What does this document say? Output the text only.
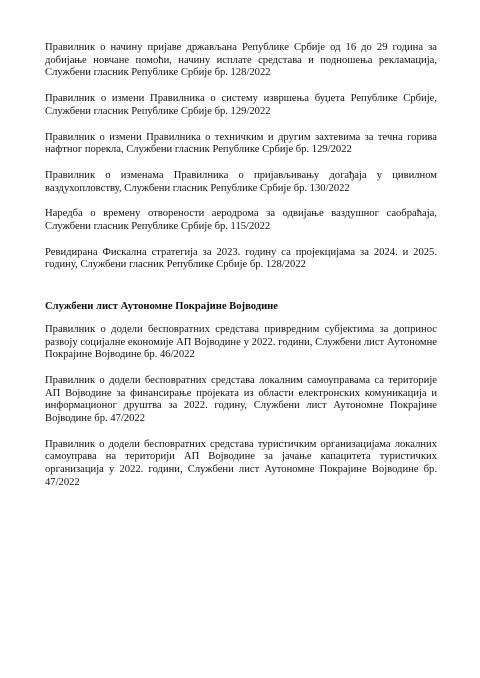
Правилник о начину пријаве држављана Републике Србије од 16 до 29 година за добијање новчане помоћи, начину исплате средстава и подношења рекламација, Службени гласник Републике Србије бр. 128/2022

Правилник о измени Правилника о систему извршења буџета Републике Србије, Службени гласник Републике Србије бр. 129/2022

Правилник о измени Правилника о техничким и другим захтевима за течна горива нафтног порекла, Службени гласник Републике Србије бр. 129/2022

Правилник о изменама Правилника о пријављивању догађаја у цивилном ваздухопловству, Службени гласник Републике Србије бр. 130/2022

Наредба о времену отворености аеродрома за одвијање ваздушног саобраћаја, Службени гласник Републике Србије бр. 115/2022

Ревидирана Фискална стратегија за 2023. годину са пројекцијама за 2024. и 2025. годину, Службени гласник Републике Србије бр. 128/2022

Службени лист Аутономне Покрајине Војводине

Правилник о додели бесповратних средстава привредним субјектима за допринос развоју социјалне економије АП Војводине у 2022. години, Службени лист Аутономне Покрајине Војводине бр. 46/2022

Правилник о додели бесповратних средстава локалним самоуправама са територије АП Војводине за финансирање пројеката из области електронских комуникација и информационог друштва за 2022. годину, Службени лист Аутономне Покрајине Војводине бр. 47/2022

Правилник о додели бесповратних средстава туристичким организацијама локалних самоуправа на територији АП Војводине за јачање капацитета туристичких организација у 2022. години, Службени лист Аутономне Покрајине Војводине бр. 47/2022
